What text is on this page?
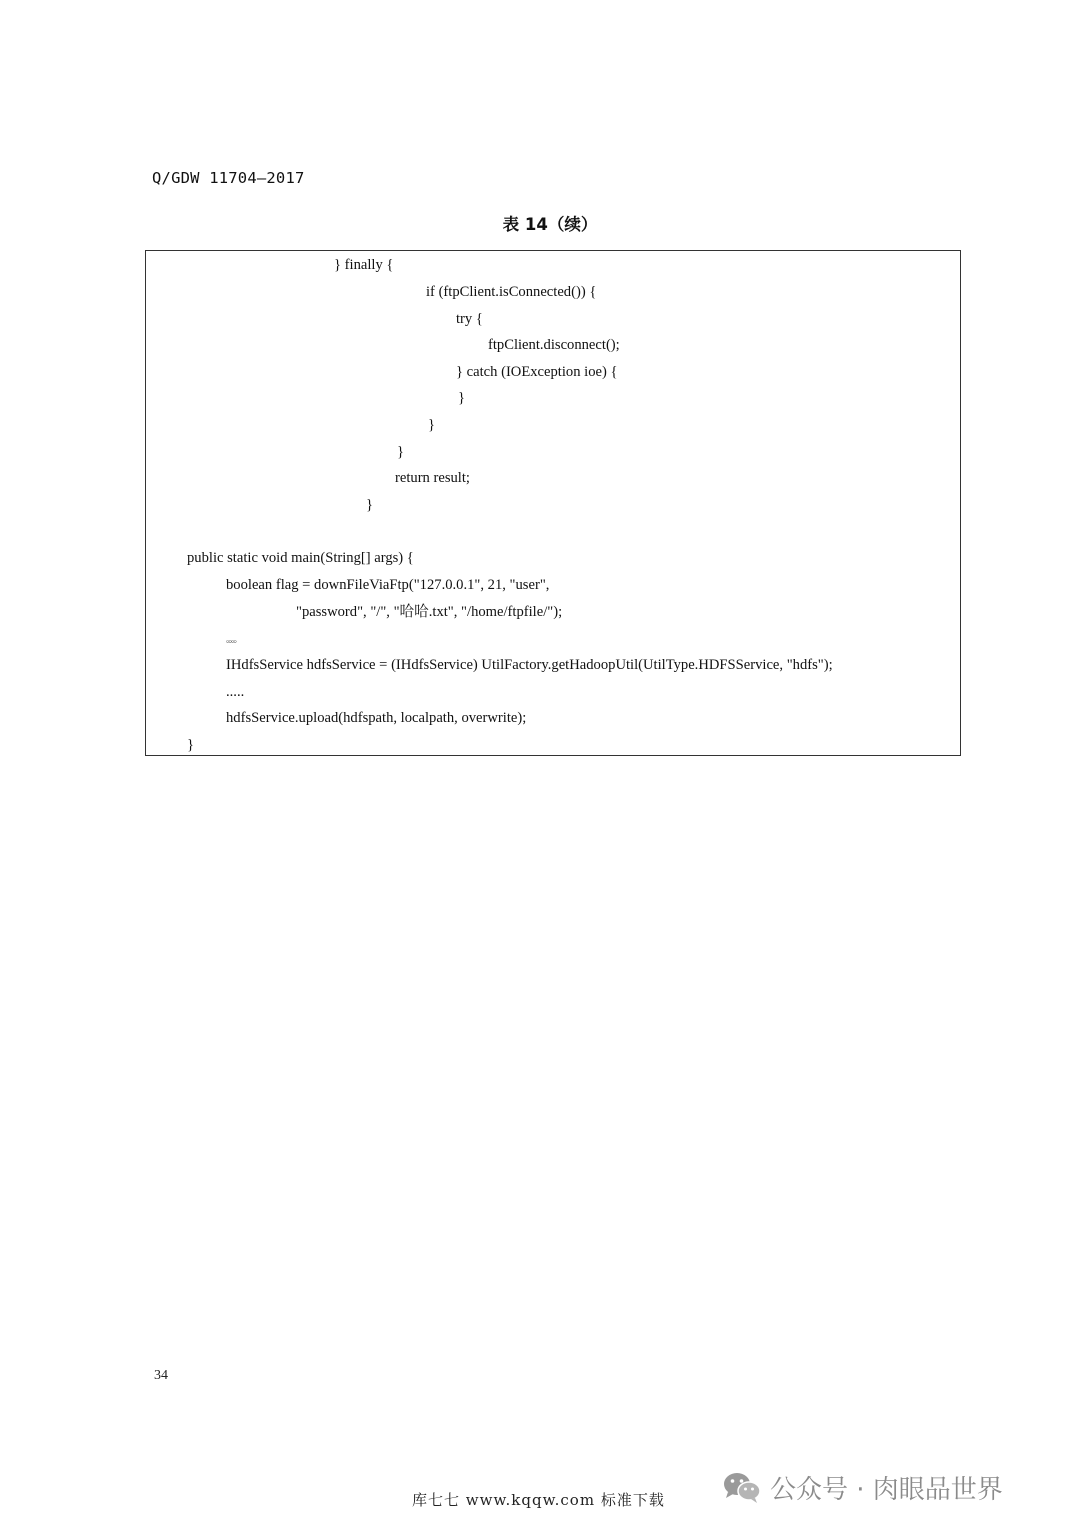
Q/GDW 11704—2017
表 14（续）
} finally {
if (ftpClient.isConnected()) {
try {
ftpClient.disconnect();
} catch (IOException ioe) {
}
}
}
return result;
}
public static void main(String[] args) {
boolean flag = downFileViaFtp("127.0.0.1", 21, "user",
"password", "/", "哈哈.txt", "/home/ftpfile/");
。。。。
IHdfsService hdfsService = (IHdfsService) UtilFactory.getHadoopUtil(UtilType.HDFSService, "hdfs");
.....
hdfsService.upload(hdfspath, localpath, overwrite);
}
34
库七七 www.kqqw.com 标准下载	公众号 · 肉眼品世界
